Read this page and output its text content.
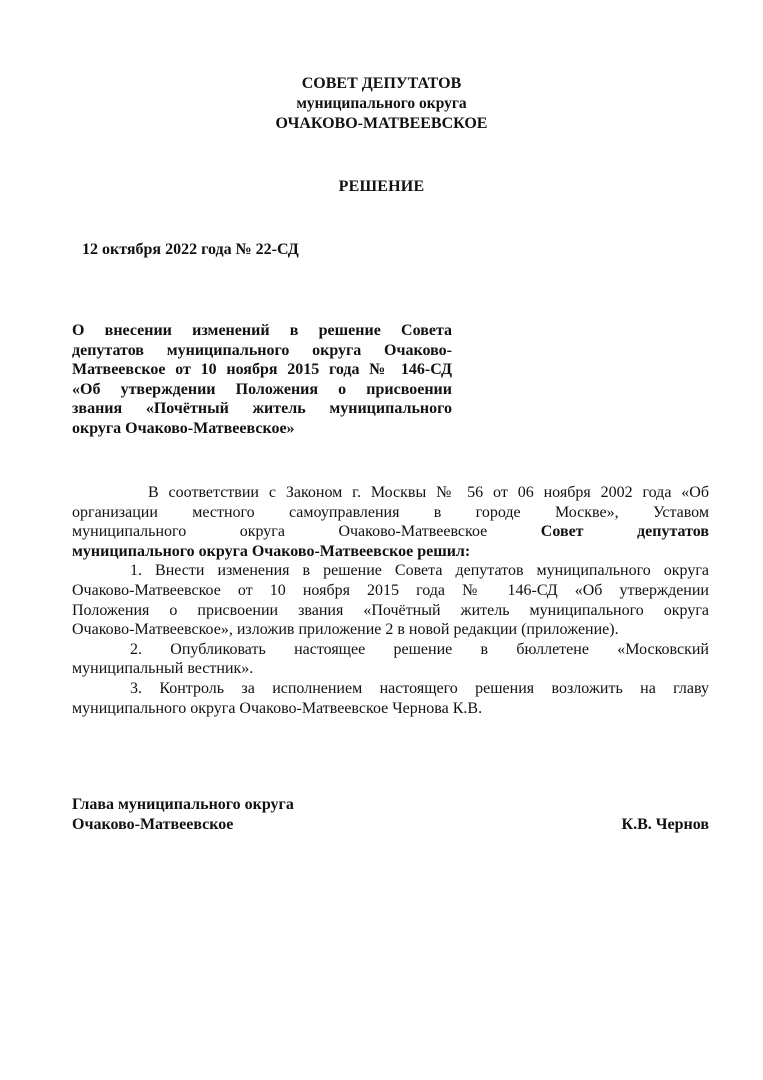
СОВЕТ ДЕПУТАТОВ
муниципального округа
ОЧАКОВО-МАТВЕЕВСКОЕ
РЕШЕНИЕ
12 октября 2022 года № 22-СД
О внесении изменений в решение Совета
депутатов муниципального округа Очаково-
Матвеевское от 10 ноября 2015 года № 146-СД
«Об утверждении Положения о присвоении
звания «Почётный житель муниципального
округа Очаково-Матвеевское»
В соответствии с Законом г. Москвы № 56 от 06 ноября 2002 года «Об
организации местного самоуправления в городе Москве», Уставом
муниципального округа Очаково-Матвеевское	Совет депутатов
муниципального округа Очаково-Матвеевское решил:
1. Внести изменения в решение Совета депутатов муниципального округа
Очаково-Матвеевское от 10 ноября 2015 года № 146-СД «Об утверждении
Положения о присвоении звания «Почётный житель муниципального округа
Очаково-Матвеевское», изложив приложение 2 в новой редакции (приложение).
2. Опубликовать настоящее решение в бюллетене «Московский
муниципальный вестник».
3. Контроль за исполнением настоящего решения возложить на главу
муниципального округа Очаково-Матвеевское Чернова К.В.
Глава муниципального округа
Очаково-Матвеевское	К.В. Чернов
